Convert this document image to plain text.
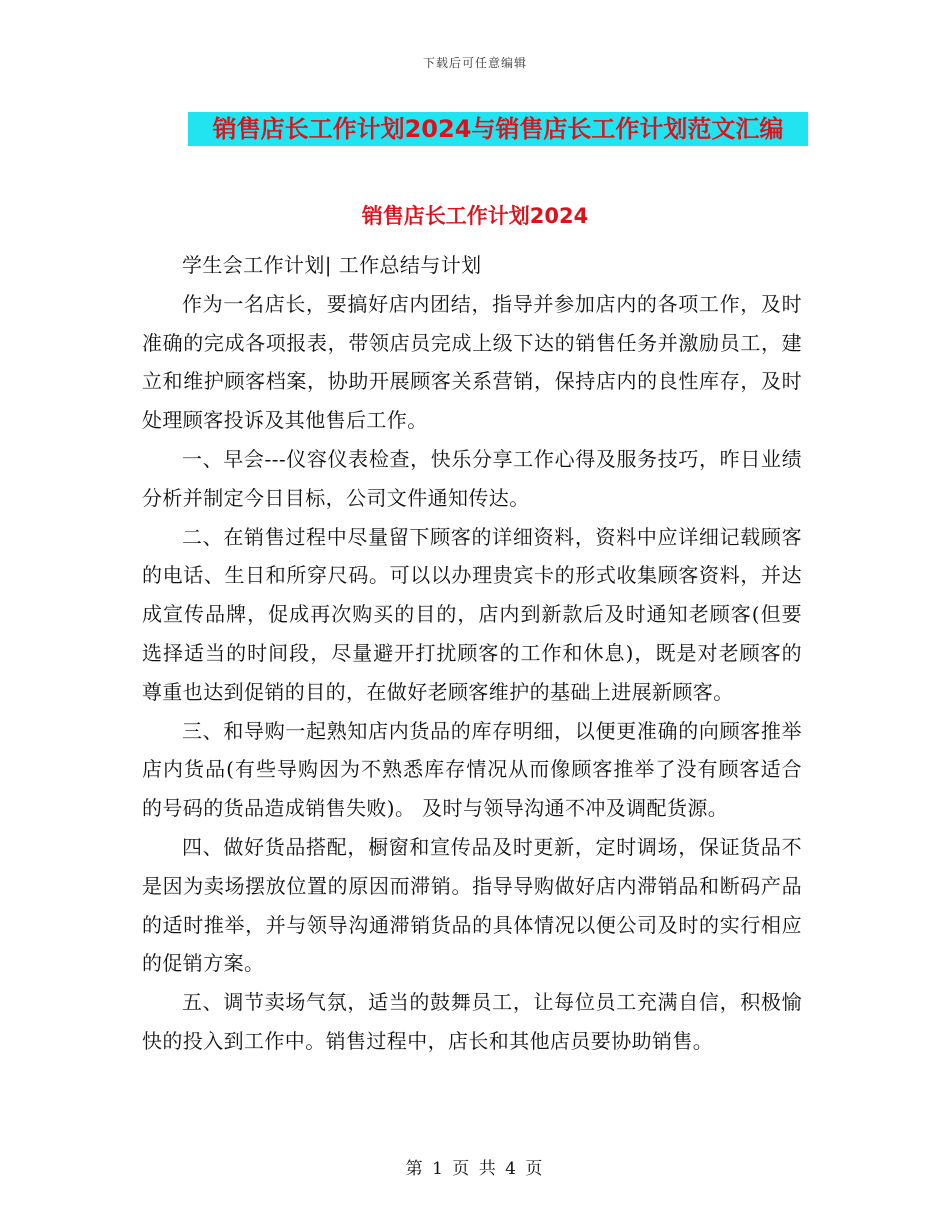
下载后可任意编辑
销售店长工作计划2024与销售店长工作计划范文汇编
销售店长工作计划2024

学生会工作计划| 工作总结与计划

作为一名店长，要搞好店内团结，指导并参加店内的各项工作，及时准确的完成各项报表，带领店员完成上级下达的销售任务并激励员工，建立和维护顾客档案，协助开展顾客关系营销，保持店内的良性库存，及时处理顾客投诉及其他售后工作。

一、早会---仪容仪表检查，快乐分享工作心得及服务技巧，昨日业绩分析并制定今日目标，公司文件通知传达。

二、在销售过程中尽量留下顾客的详细资料，资料中应详细记载顾客的电话、生日和所穿尺码。可以以办理贵宾卡的形式收集顾客资料，并达成宣传品牌，促成再次购买的目的，店内到新款后及时通知老顾客(但要选择适当的时间段，尽量避开打扰顾客的工作和休息)，既是对老顾客的尊重也达到促销的目的，在做好老顾客维护的基础上进展新顾客。

三、和导购一起熟知店内货品的库存明细，以便更准确的向顾客推举店内货品(有些导购因为不熟悉库存情况从而像顾客推举了没有顾客适合的号码的货品造成销售失败)。 及时与领导沟通不冲及调配货源。

四、做好货品搭配，橱窗和宣传品及时更新，定时调场，保证货品不是因为卖场摆放位置的原因而滞销。指导导购做好店内滞销品和断码产品的适时推举，并与领导沟通滞销货品的具体情况以便公司及时的实行相应的促销方案。

五、调节卖场气氛，适当的鼓舞员工，让每位员工充满自信，积极愉快的投入到工作中。销售过程中，店长和其他店员要协助销售。

第 1 页 共 4 页
